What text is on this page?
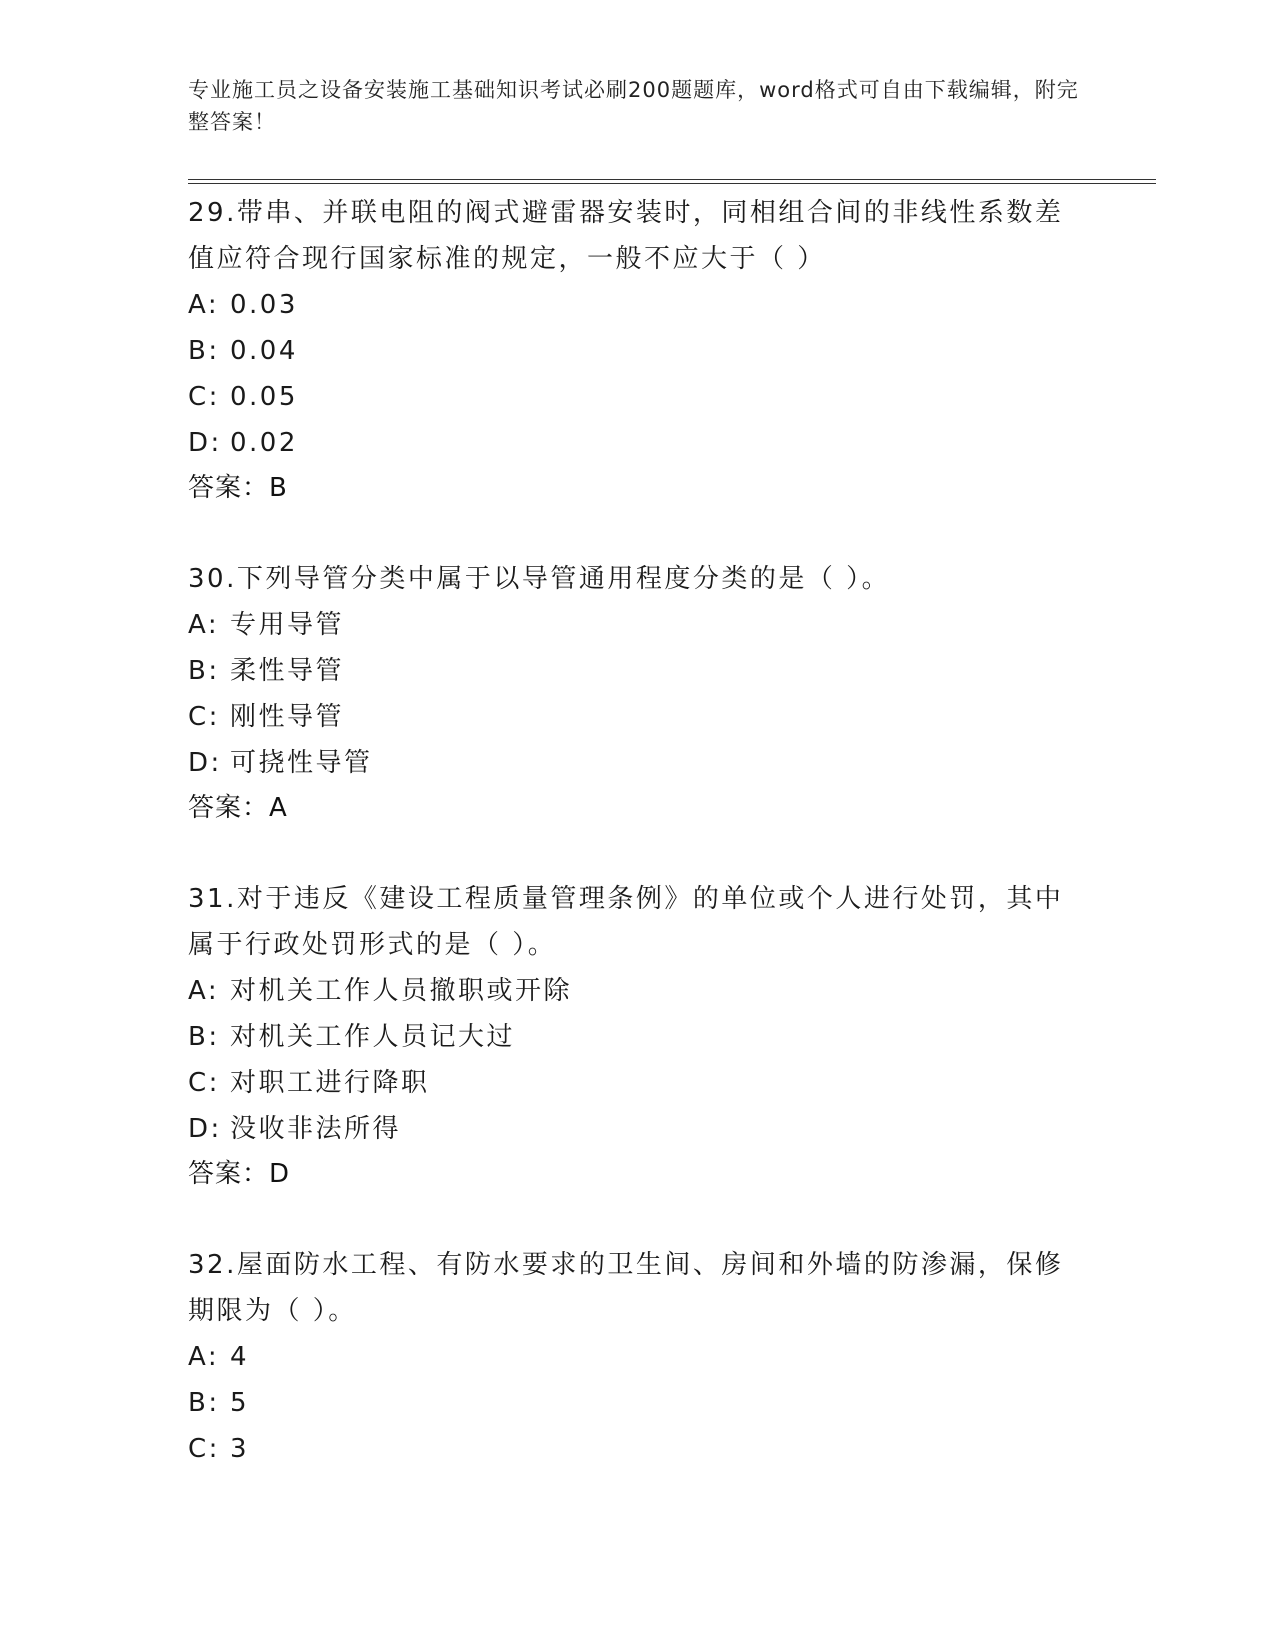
专业施工员之设备安装施工基础知识考试必刷200题题库，word格式可自由下载编辑，附完整答案！

29.带串、并联电阻的阀式避雷器安装时，同相组合间的非线性系数差值应符合现行国家标准的规定，一般不应大于（ ）

A: 0.03

B: 0.04

C: 0.05

D: 0.02

答案：B

30.下列导管分类中属于以导管通用程度分类的是（ ）。

A: 专用导管

B: 柔性导管

C: 刚性导管

D: 可挠性导管

答案：A

31.对于违反《建设工程质量管理条例》的单位或个人进行处罚，其中属于行政处罚形式的是（ ）。

A: 对机关工作人员撤职或开除

B: 对机关工作人员记大过

C: 对职工进行降职

D: 没收非法所得

答案：D

32.屋面防水工程、有防水要求的卫生间、房间和外墙的防渗漏，保修期限为（ ）。

A: 4

B: 5

C: 3
